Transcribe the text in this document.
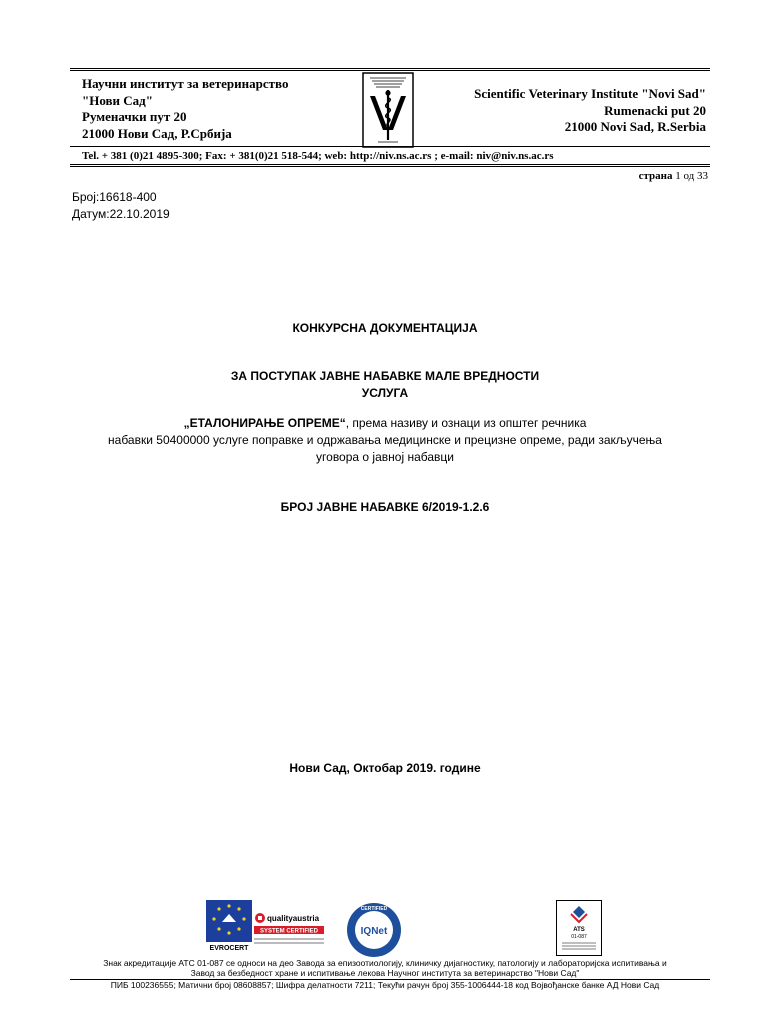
Научни институт за ветеринарство
"Нови Сад"
Руменачки пут 20
21000 Нови Сад, Р.Србија
Scientific Veterinary Institute "Novi Sad"
Rumenacki put 20
21000 Novi Sad, R.Serbia
Tel. + 381 (0)21 4895-300; Fax: + 381(0)21 518-544; web: http://niv.ns.ac.rs ; e-mail: niv@niv.ns.ac.rs
страна 1 од 33
Број:16618-400
Датум:22.10.2019
КОНКУРСНА ДОКУМЕНТАЦИЈА
ЗА ПОСТУПАК ЈАВНЕ НАБАВКЕ МАЛЕ ВРЕДНОСТИ
УСЛУГА
„ЕТАЛОНИРАЊЕ ОПРЕМЕ“, према називу и ознаци из општег речника
набавки 50400000 услуге поправке и одржавања медицинске и прецизне опреме, ради закључења
уговора о јавној набавци
БРОЈ ЈАВНЕ НАБАВКЕ 6/2019-1.2.6
Нови Сад, Октобар 2019. године
EVROCERT
qualityaustria
SYSTEM CERTIFIED
CERTIFIED
IQNet	ATS
01-087
Знак акредитације АТС 01-087 се односи на део Завода за епизоотиологију, клиничку дијагностику, патологију и лабораторијска испитивања и
Завод за безбедност хране и испитивање лекова Научног института за ветеринарство "Нови Сад"
ПИБ 100236555; Матични број 08608857; Шифра делатности 7211; Текући рачун број 355-1006444-18 код Војвођанске банке АД Нови Сад
